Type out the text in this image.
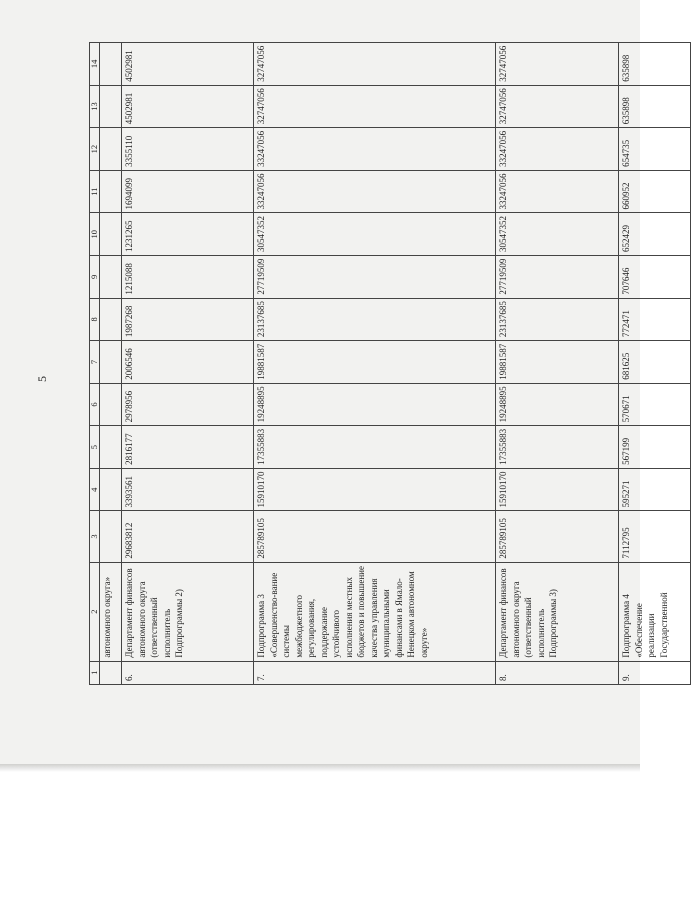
5
1	2	3	4	5	6	7	8	9	10	11	12	13	14
	автономного округа»												
6.	Департамент финансов автономного округа (ответственный исполнитель Подпрограммы 2)	29683812	3393561	2816177	2978956	2006546	1987268	1215088	1231265	1694099	3355110	4502981	4502981
7.	Подпрограмма 3 «Совершенство-вание системы межбюджетного регулирования, поддержание устойчивого исполнения местных бюджетов и повышение качества управления муниципальными финансами в Ямало-Ненецком автономном округе»	285789105	15910170	17355883	19248895	19881587	23137685	27719509	30547352	33247056	33247056	32747056	32747056
8.	Департамент финансов автономного округа (ответственный исполнитель Подпрограммы 3)	285789105	15910170	17355883	19248895	19881587	23137685	27719509	30547352	33247056	33247056	32747056	32747056
9.	Подпрограмма 4 «Обеспечение реализации Государственной	7112795	595271	567199	570671	681625	772471	707646	652429	660952	654735	635898	635898
